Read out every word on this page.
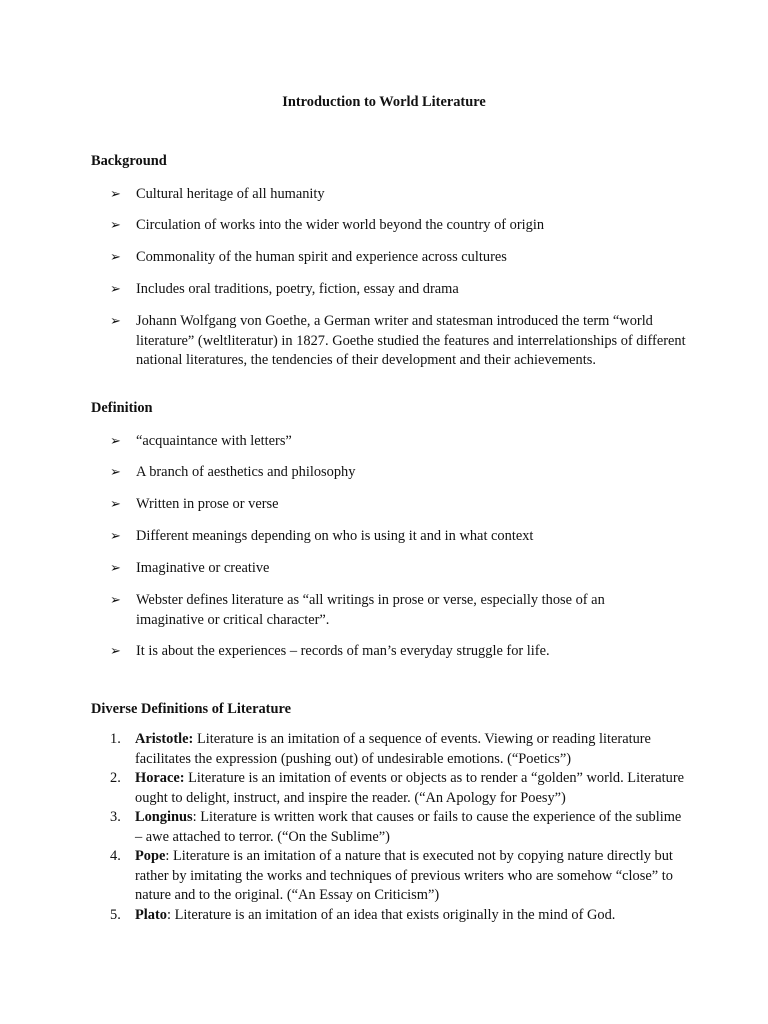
Introduction to World Literature
Background
➢ Cultural heritage of all humanity
➢ Circulation of works into the wider world beyond the country of origin
➢ Commonality of the human spirit and experience across cultures
➢ Includes oral traditions, poetry, fiction, essay and drama
➢ Johann Wolfgang von Goethe, a German writer and statesman introduced the term “world literature” (weltliteratur) in 1827. Goethe studied the features and interrelationships of different national literatures, the tendencies of their development and their achievements.
Definition
➢ “acquaintance with letters”
➢ A branch of aesthetics and philosophy
➢ Written in prose or verse
➢ Different meanings depending on who is using it and in what context
➢ Imaginative or creative
➢ Webster defines literature as “all writings in prose or verse, especially those of an imaginative or critical character”.
➢ It is about the experiences – records of man’s everyday struggle for life.
Diverse Definitions of Literature
1. Aristotle: Literature is an imitation of a sequence of events. Viewing or reading literature facilitates the expression (pushing out) of undesirable emotions. (“Poetics”)
2. Horace: Literature is an imitation of events or objects as to render a “golden” world. Literature ought to delight, instruct, and inspire the reader. (“An Apology for Poesy”)
3. Longinus: Literature is written work that causes or fails to cause the experience of the sublime – awe attached to terror. (“On the Sublime”)
4. Pope: Literature is an imitation of a nature that is executed not by copying nature directly but rather by imitating the works and techniques of previous writers who are somehow “close” to nature and to the original. (“An Essay on Criticism”)
5. Plato: Literature is an imitation of an idea that exists originally in the mind of God.
